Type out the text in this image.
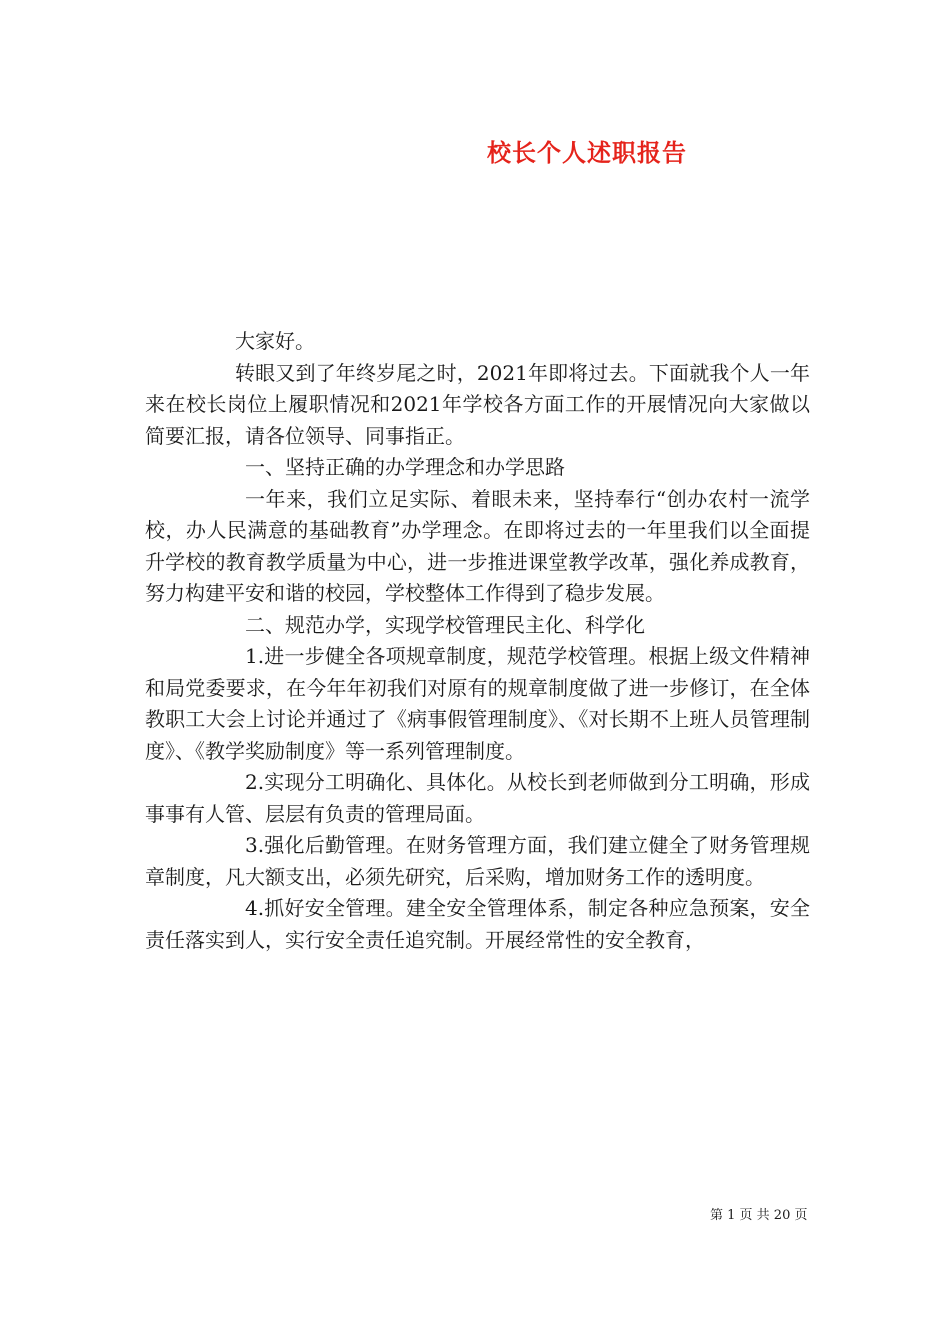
校长个人述职报告

大家好。

转眼又到了年终岁尾之时，2021年即将过去。下面就我个人一年来在校长岗位上履职情况和2021年学校各方面工作的开展情况向大家做以简要汇报，请各位领导、同事指正。

一、坚持正确的办学理念和办学思路

一年来，我们立足实际、着眼未来，坚持奉行“创办农村一流学校，办人民满意的基础教育”办学理念。在即将过去的一年里我们以全面提升学校的教育教学质量为中心，进一步推进课堂教学改革，强化养成教育，努力构建平安和谐的校园，学校整体工作得到了稳步发展。

二、规范办学，实现学校管理民主化、科学化

1.进一步健全各项规章制度，规范学校管理。根据上级文件精神和局党委要求，在今年年初我们对原有的规章制度做了进一步修订，在全体教职工大会上讨论并通过了《病事假管理制度》、《对长期不上班人员管理制度》、《教学奖励制度》等一系列管理制度。

2.实现分工明确化、具体化。从校长到老师做到分工明确，形成事事有人管、层层有负责的管理局面。

3.强化后勤管理。在财务管理方面，我们建立健全了财务管理规章制度，凡大额支出，必须先研究，后采购，增加财务工作的透明度。

4.抓好安全管理。建全安全管理体系，制定各种应急预案，安全责任落实到人，实行安全责任追究制。开展经常性的安全教育，

第 1 页 共 20 页
